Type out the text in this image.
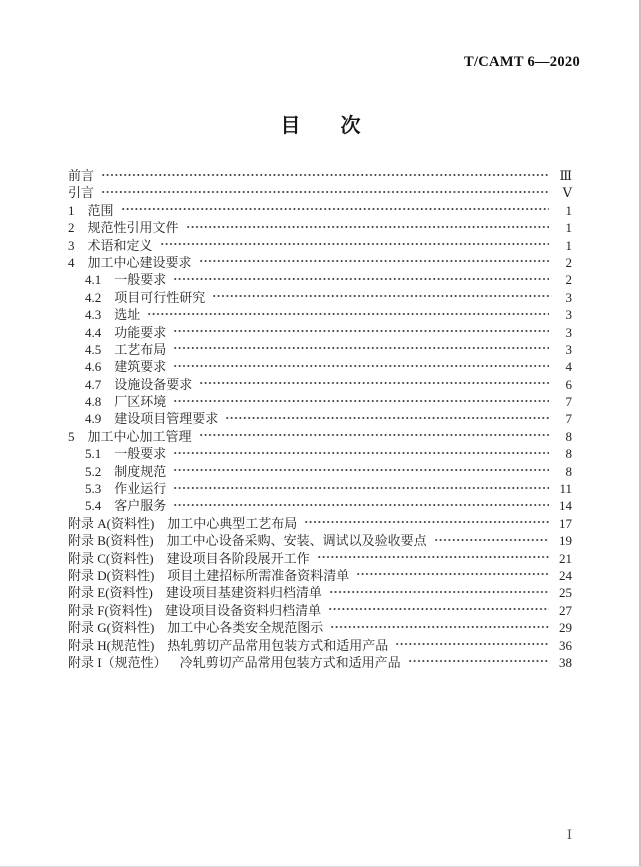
T/CAMT 6—2020
目　　次
前言	Ⅲ
引言	Ⅴ
1 范围	1
2 规范性引用文件	1
3 术语和定义	1
4 加工中心建设要求	2
4.1 一般要求	2
4.2 项目可行性研究	3
4.3 选址	3
4.4 功能要求	3
4.5 工艺布局	3
4.6 建筑要求	4
4.7 设施设备要求	6
4.8 厂区环境	7
4.9 建设项目管理要求	7
5 加工中心加工管理	8
5.1 一般要求	8
5.2 制度规范	8
5.3 作业运行	11
5.4 客户服务	14
附录 A(资料性) 加工中心典型工艺布局	17
附录 B(资料性) 加工中心设备采购、安装、调试以及验收要点	19
附录 C(资料性) 建设项目各阶段展开工作	21
附录 D(资料性) 项目土建招标所需准备资料清单	24
附录 E(资料性) 建设项目基建资料归档清单	25
附录 F(资料性) 建设项目设备资料归档清单	27
附录 G(资料性) 加工中心各类安全规范图示	29
附录 H(规范性) 热轧剪切产品常用包装方式和适用产品	36
附录 I（规范性） 冷轧剪切产品常用包装方式和适用产品	38
Ⅰ
